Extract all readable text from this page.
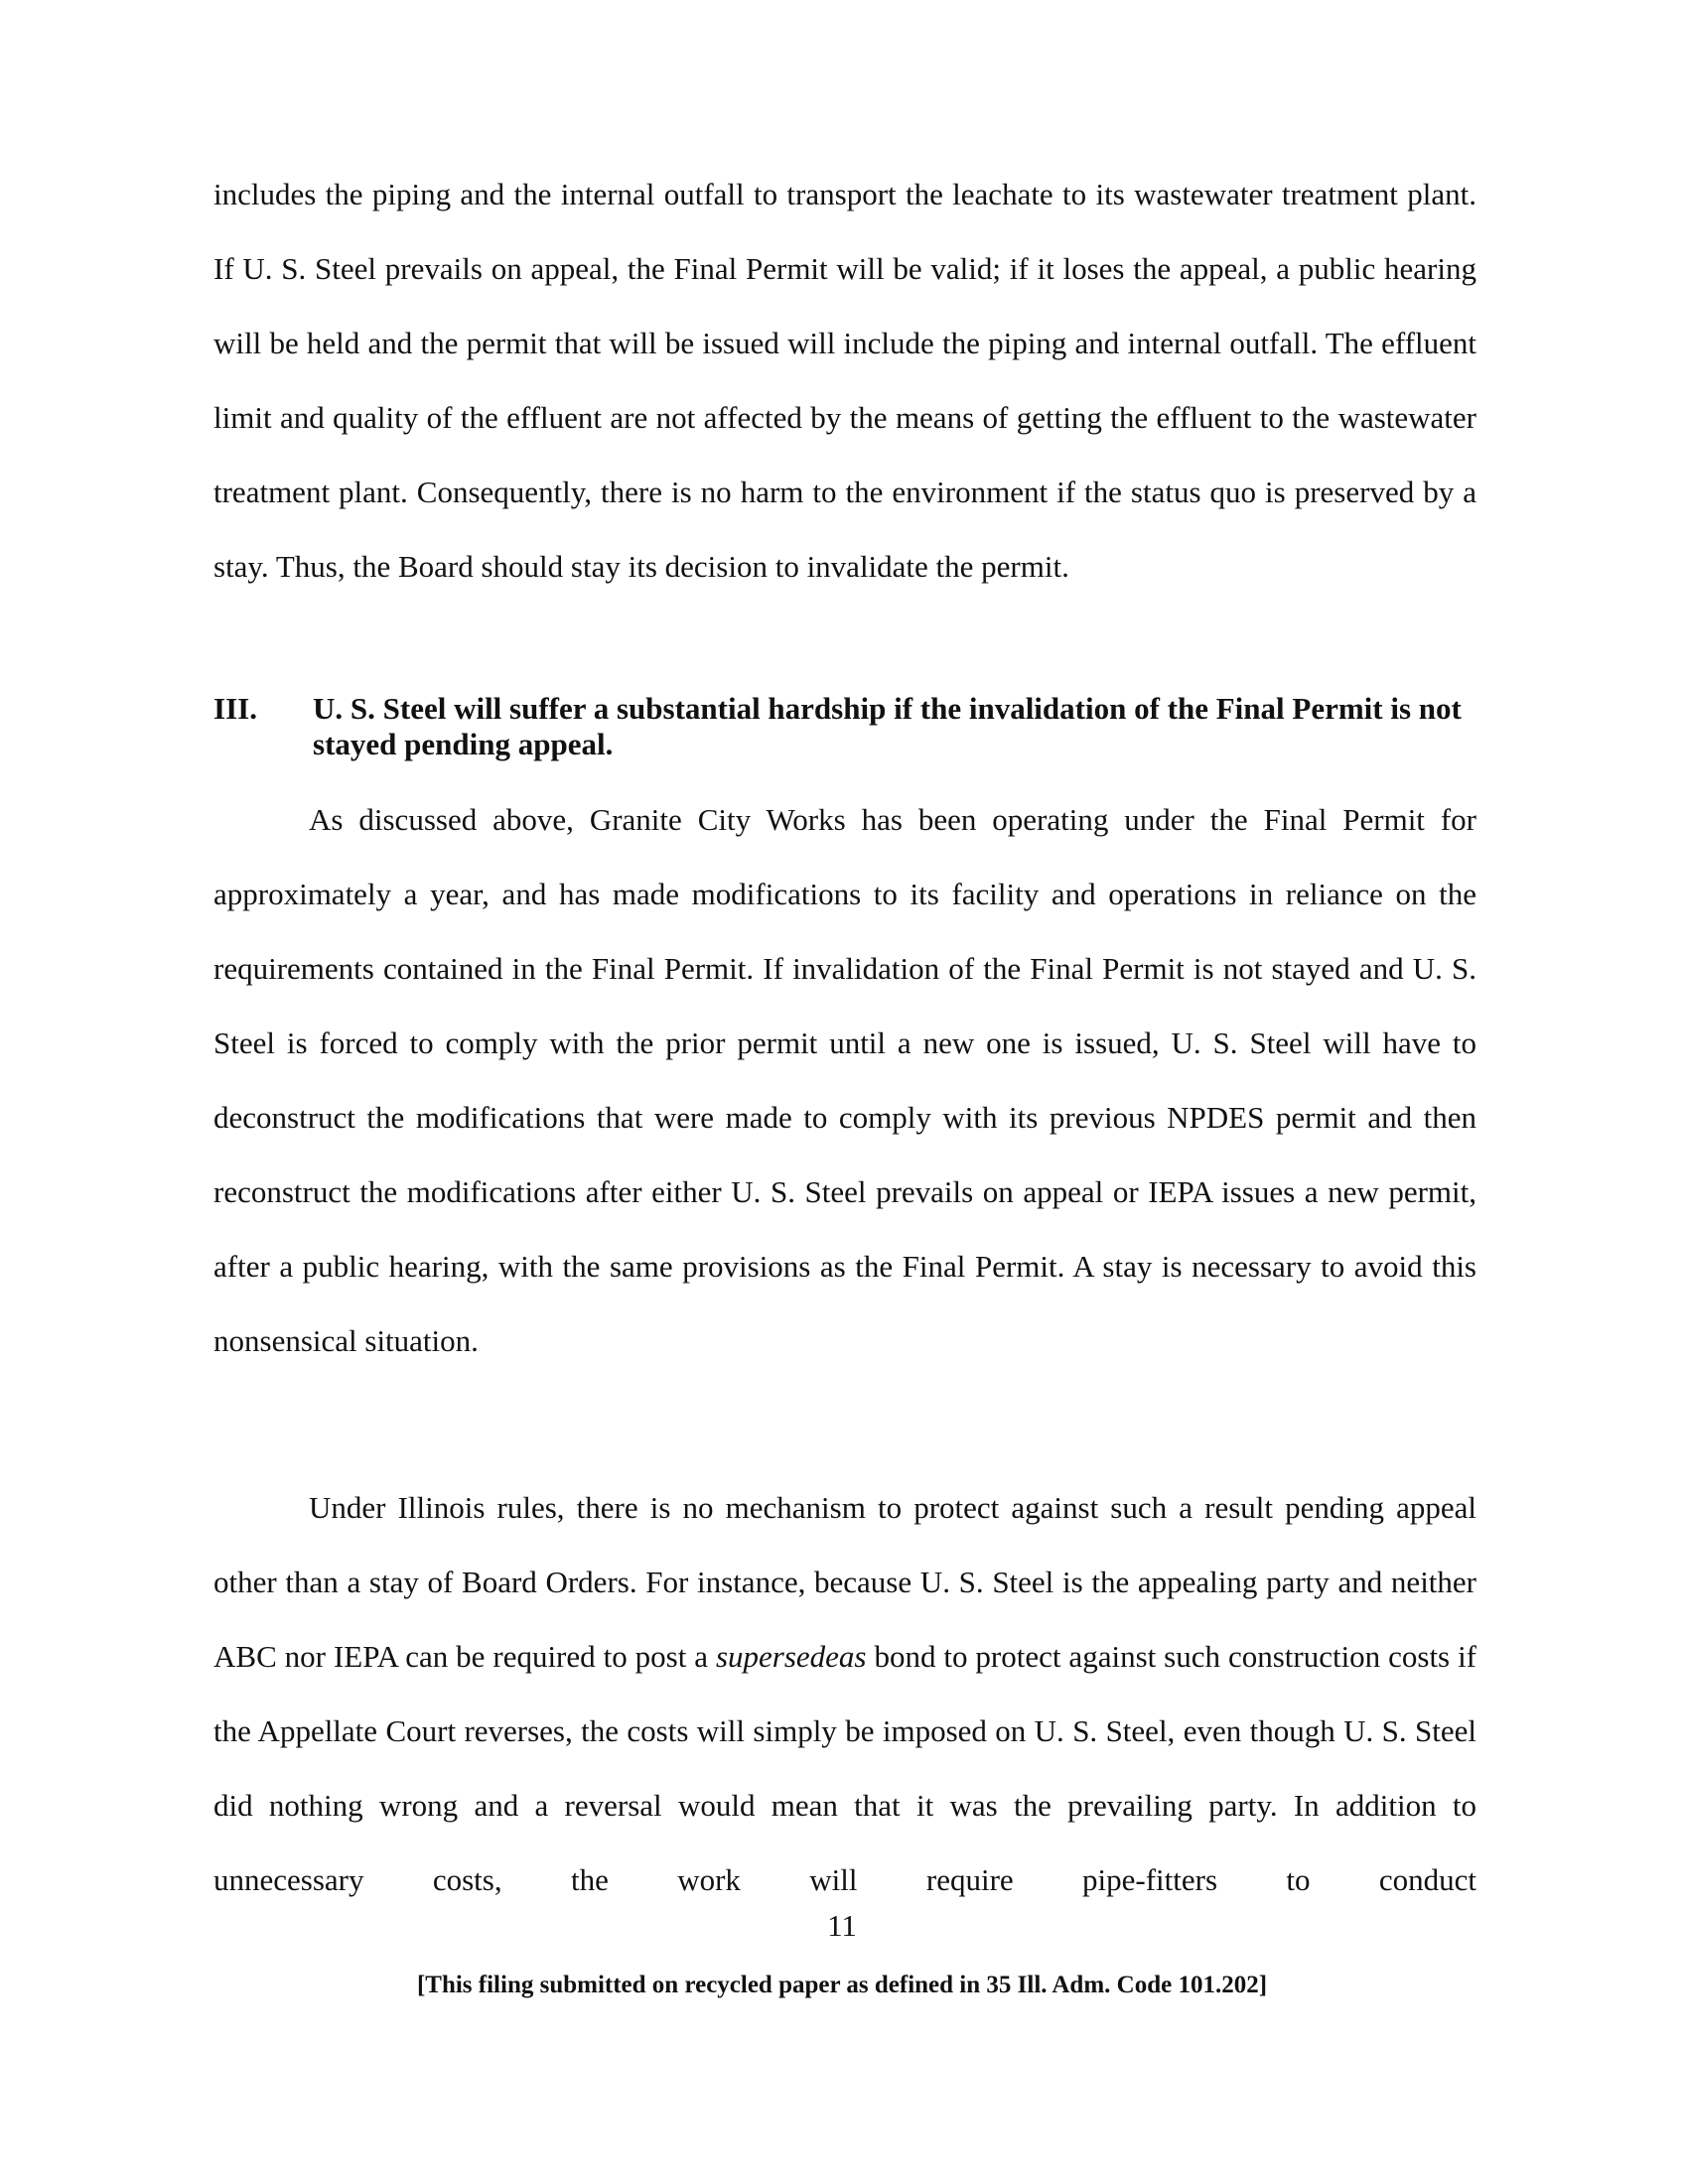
includes the piping and the internal outfall to transport the leachate to its wastewater treatment plant. If U. S. Steel prevails on appeal, the Final Permit will be valid; if it loses the appeal, a public hearing will be held and the permit that will be issued will include the piping and internal outfall. The effluent limit and quality of the effluent are not affected by the means of getting the effluent to the wastewater treatment plant. Consequently, there is no harm to the environment if the status quo is preserved by a stay. Thus, the Board should stay its decision to invalidate the permit.

III. U. S. Steel will suffer a substantial hardship if the invalidation of the Final Permit is not stayed pending appeal.

As discussed above, Granite City Works has been operating under the Final Permit for approximately a year, and has made modifications to its facility and operations in reliance on the requirements contained in the Final Permit. If invalidation of the Final Permit is not stayed and U. S. Steel is forced to comply with the prior permit until a new one is issued, U. S. Steel will have to deconstruct the modifications that were made to comply with its previous NPDES permit and then reconstruct the modifications after either U. S. Steel prevails on appeal or IEPA issues a new permit, after a public hearing, with the same provisions as the Final Permit. A stay is necessary to avoid this nonsensical situation.

Under Illinois rules, there is no mechanism to protect against such a result pending appeal other than a stay of Board Orders. For instance, because U. S. Steel is the appealing party and neither ABC nor IEPA can be required to post a supersedeas bond to protect against such construction costs if the Appellate Court reverses, the costs will simply be imposed on U. S. Steel, even though U. S. Steel did nothing wrong and a reversal would mean that it was the prevailing party. In addition to unnecessary costs, the work will require pipe-fitters to conduct

11
[This filing submitted on recycled paper as defined in 35 Ill. Adm. Code 101.202]
